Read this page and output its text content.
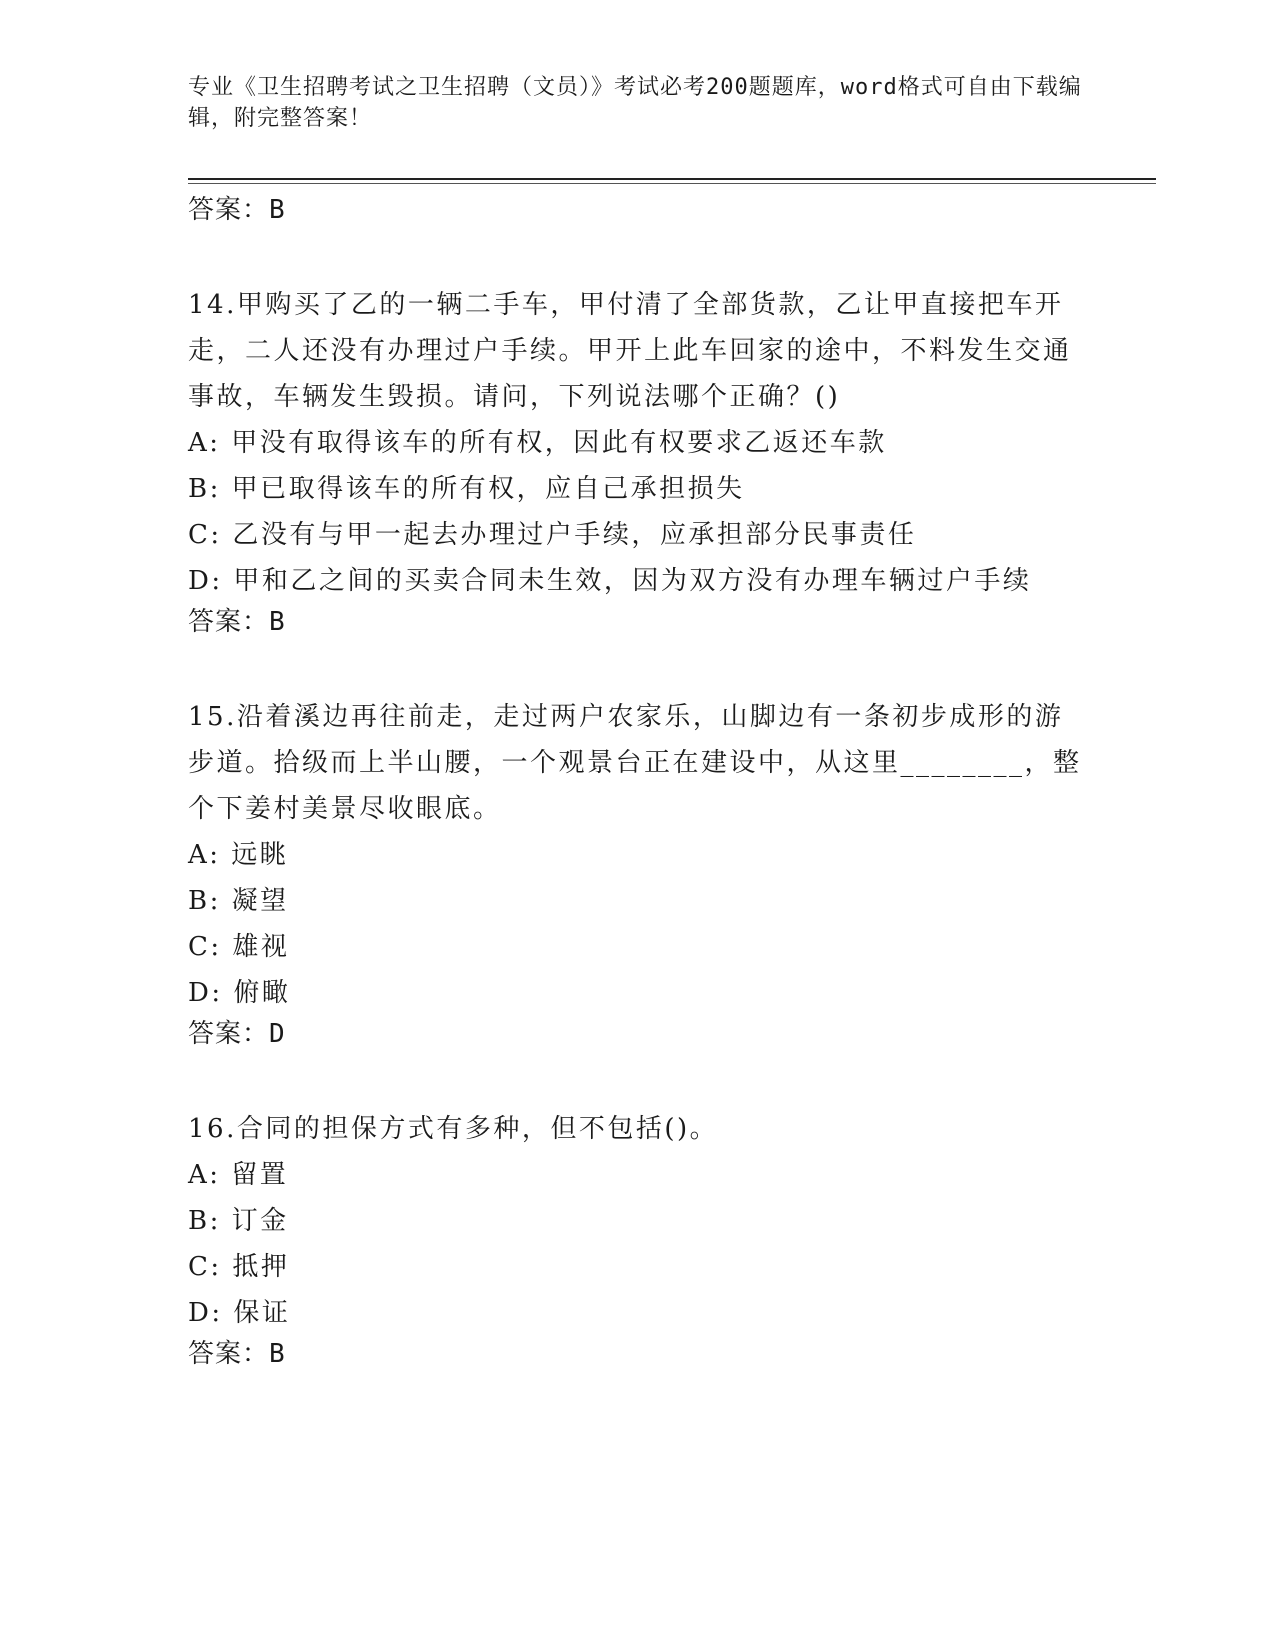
专业《卫生招聘考试之卫生招聘（文员）》考试必考200题题库，word格式可自由下载编辑，附完整答案！
答案：B
14.甲购买了乙的一辆二手车，甲付清了全部货款，乙让甲直接把车开走，二人还没有办理过户手续。甲开上此车回家的途中，不料发生交通事故，车辆发生毁损。请问，下列说法哪个正确？()
A: 甲没有取得该车的所有权，因此有权要求乙返还车款
B: 甲已取得该车的所有权，应自己承担损失
C: 乙没有与甲一起去办理过户手续，应承担部分民事责任
D: 甲和乙之间的买卖合同未生效，因为双方没有办理车辆过户手续
答案：B
15.沿着溪边再往前走，走过两户农家乐，山脚边有一条初步成形的游步道。拾级而上半山腰，一个观景台正在建设中，从这里________，整个下姜村美景尽收眼底。
A: 远眺
B: 凝望
C: 雄视
D: 俯瞰
答案：D
16.合同的担保方式有多种，但不包括()。
A: 留置
B: 订金
C: 抵押
D: 保证
答案：B
